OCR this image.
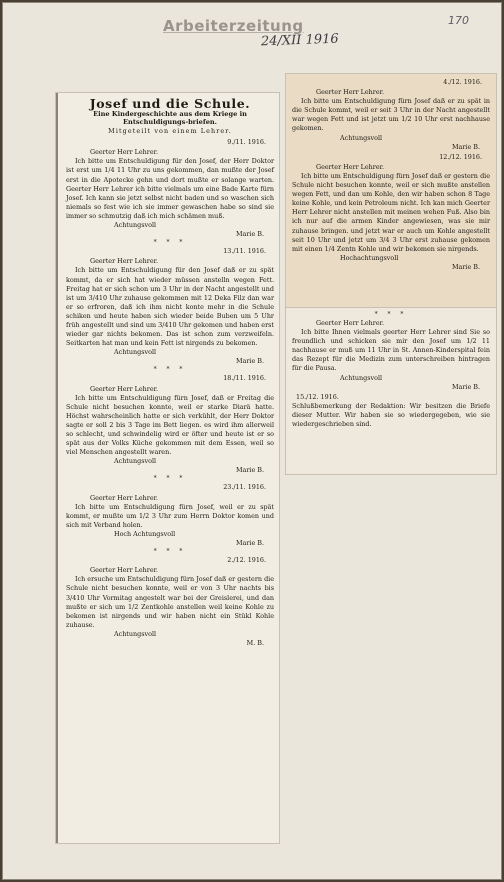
Arbeiterzeitung
24/XII 1916
170
Josef und die Schule.
Eine Kindergeschichte aus dem Kriege in Entschuldigungs-briefen.
Mitgeteilt von einem Lehrer.
9./11. 1916.
Geerter Herr Lehrer.
Ich bitte um Entschuldigung für den Josef, der Herr Doktor ist erst um 1/4 11 Uhr zu uns gekommen, dan mußte der Josef erst in die Apotecke gehn und dort mußte er solange warten. Geerter Herr Lehrer ich bitte vielmals um eine Bade Karte fürn Josef. Ich kann sie jetzt selbst nicht baden und so waschen sich niemals so fest wie ich sie immer gewaschen habe so sind sie immer so schmutzig daß ich mich schämen muß.
Achtungsvoll
Marie B.
* * *
13./11. 1916.
Geerter Herr Lehrer.
Ich bitte um Entschuldigung für den Josef daß er zu spät kommt, da er sich hat wieder müssen anstelln wegen Fett. Freitag hat er sich schon um 3 Uhr in der Nacht angestellt und ist um 3/410 Uhr zuhause gekommen mit 12 Deka Filz dan war er so erfroren, daß ich ihm nicht konte mehr in die Schule schiken und heute haben sich wieder beide Buben um 5 Uhr früh angestellt und sind um 3/410 Uhr gekomen und haben erst wieder gar nichts bekomen. Das ist schon zum verzweifeln. Seitkarten hat man und kein Fett ist nirgends zu bekomen.
Achtungsvoll
Marie B.
* * *
18./11. 1916.
Geerter Herr Lehrer.
Ich bitte um Entschuldigung fürn Josef, daß er Freitag die Schule nicht besuchen konnte, weil er starke Diarä hatte. Höchst wahrscheinlich hatte er sich verkühlt, der Herr Doktor sagte er soll 2 bis 3 Tage im Bett liegen. es wird ihm allerweil so schlecht, und schwindelig wird er öfter und heute ist er so spät aus der Volks Küche gekommen mit dem Essen, weil so viel Menschen angestellt waren.
Achtungsvoll
Marie B.
* * *
23./11. 1916.
Geerter Herr Lehrer.
Ich bitte um Entschuldigung fürn Josef, weil er zu spät kommt, er mußte um 1/2 3 Uhr zum Herrn Doktor komen und sich mit Verband holen.
Hoch Achtungsvoll
Marie B.
* * *
2./12. 1916.
Geerter Herr Lehrer.
Ich ersuche um Entschuldigung fürn Josef daß er gestern die Schule nicht besuchen konnte, weil er von 3 Uhr nachts bis 3/410 Uhr Vormitag angestelt war bei der Greislerei, und dan mußte er sich um 1/2 Zentkohle anstellen weil keine Kohle zu bekomen ist nirgends und wir haben nicht ein Stükl Kohle zuhause.
Achtungsvoll
M. B.
4./12. 1916.
Geerter Herr Lehrer.
Ich bitte um Entschuldigung fürn Josef daß er zu spät in die Schule kommt, weil er seit 3 Uhr in der Nacht angestellt war wegen Fett und ist jetzt um 1/2 10 Uhr erst nachhause gekomen.
Achtungsvoll
Marie B.
12./12. 1916.
Geerter Herr Lehrer.
Ich bitte um Entschuldigung fürn Josef daß er gestern die Schule nicht besuchen konnte, weil er sich mußte anstellen wegen Fett, und dan um Kohle, den wir haben schon 8 Tage keine Kohle, und kein Petroleum nicht. Ich kan mich Geerter Herr Lehrer nicht anstellen mit meinen wehen Fuß. Also bin ich nur auf die armen Kinder angewiesen, was sie mir zuhause bringen. und jetzt war er auch um Kohle angestellt seit 10 Uhr und jetzt um 3/4 3 Uhr erst zuhause gekomen mit einen 1/4 Zentn Kohle und wir bekomen sie nirgends.
Hochachtungsvoll
Marie B.
* * *
Geerter Herr Lehrer.
Ich bitte Ihnen vielmals geerter Herr Lehrer sind Sie so freundlich und schicken sie mir den Josef um 1/2 11 nachhause er muß um 11 Uhr in St. Annen-Kinderspital fein das Rezept für die Medizin zum unterschreiben hintragen für die Pausa.
Achtungsvoll
Marie B.
15./12. 1916.
Schlußbemerkung der Redaktion: Wir besitzen die Briefe dieser Mutter. Wir haben sie so wiedergegeben, wie sie wiedergeschrieben sind.
